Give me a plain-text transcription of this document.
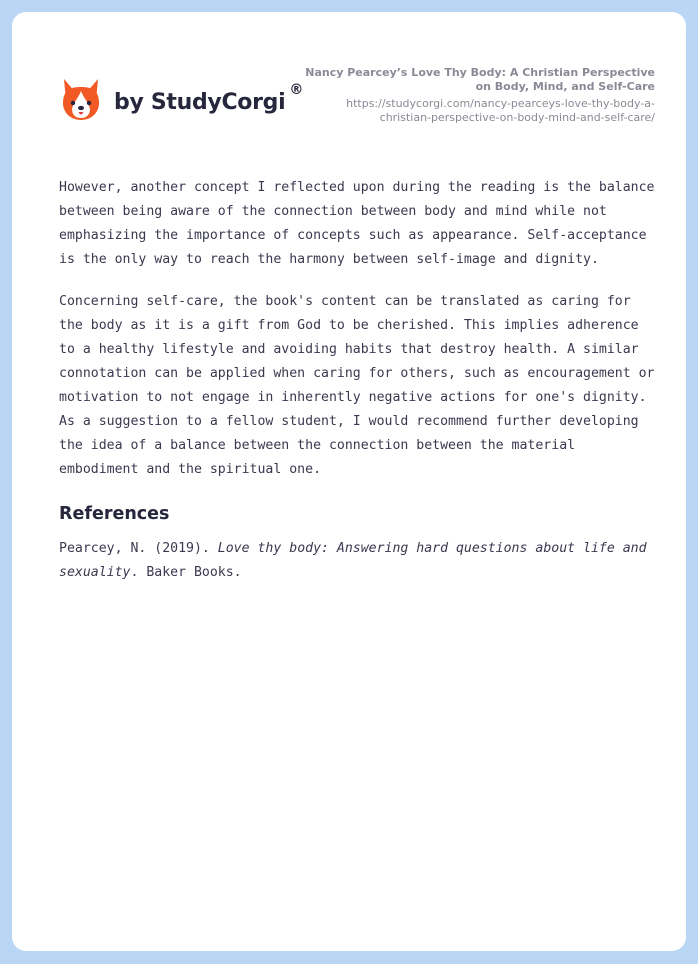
by StudyCorgi ®
Nancy Pearcey’s Love Thy Body: A Christian Perspective on Body, Mind, and Self-Care
https://studycorgi.com/nancy-pearceys-love-thy-body-a-christian-perspective-on-body-mind-and-self-care/

However, another concept I reflected upon during the reading is the balance between being aware of the connection between body and mind while not emphasizing the importance of concepts such as appearance. Self-acceptance is the only way to reach the harmony between self-image and dignity.

Concerning self-care, the book's content can be translated as caring for the body as it is a gift from God to be cherished. This implies adherence to a healthy lifestyle and avoiding habits that destroy health. A similar connotation can be applied when caring for others, such as encouragement or motivation to not engage in inherently negative actions for one's dignity. As a suggestion to a fellow student, I would recommend further developing the idea of a balance between the connection between the material embodiment and the spiritual one.

References

Pearcey, N. (2019). Love thy body: Answering hard questions about life and sexuality. Baker Books.
